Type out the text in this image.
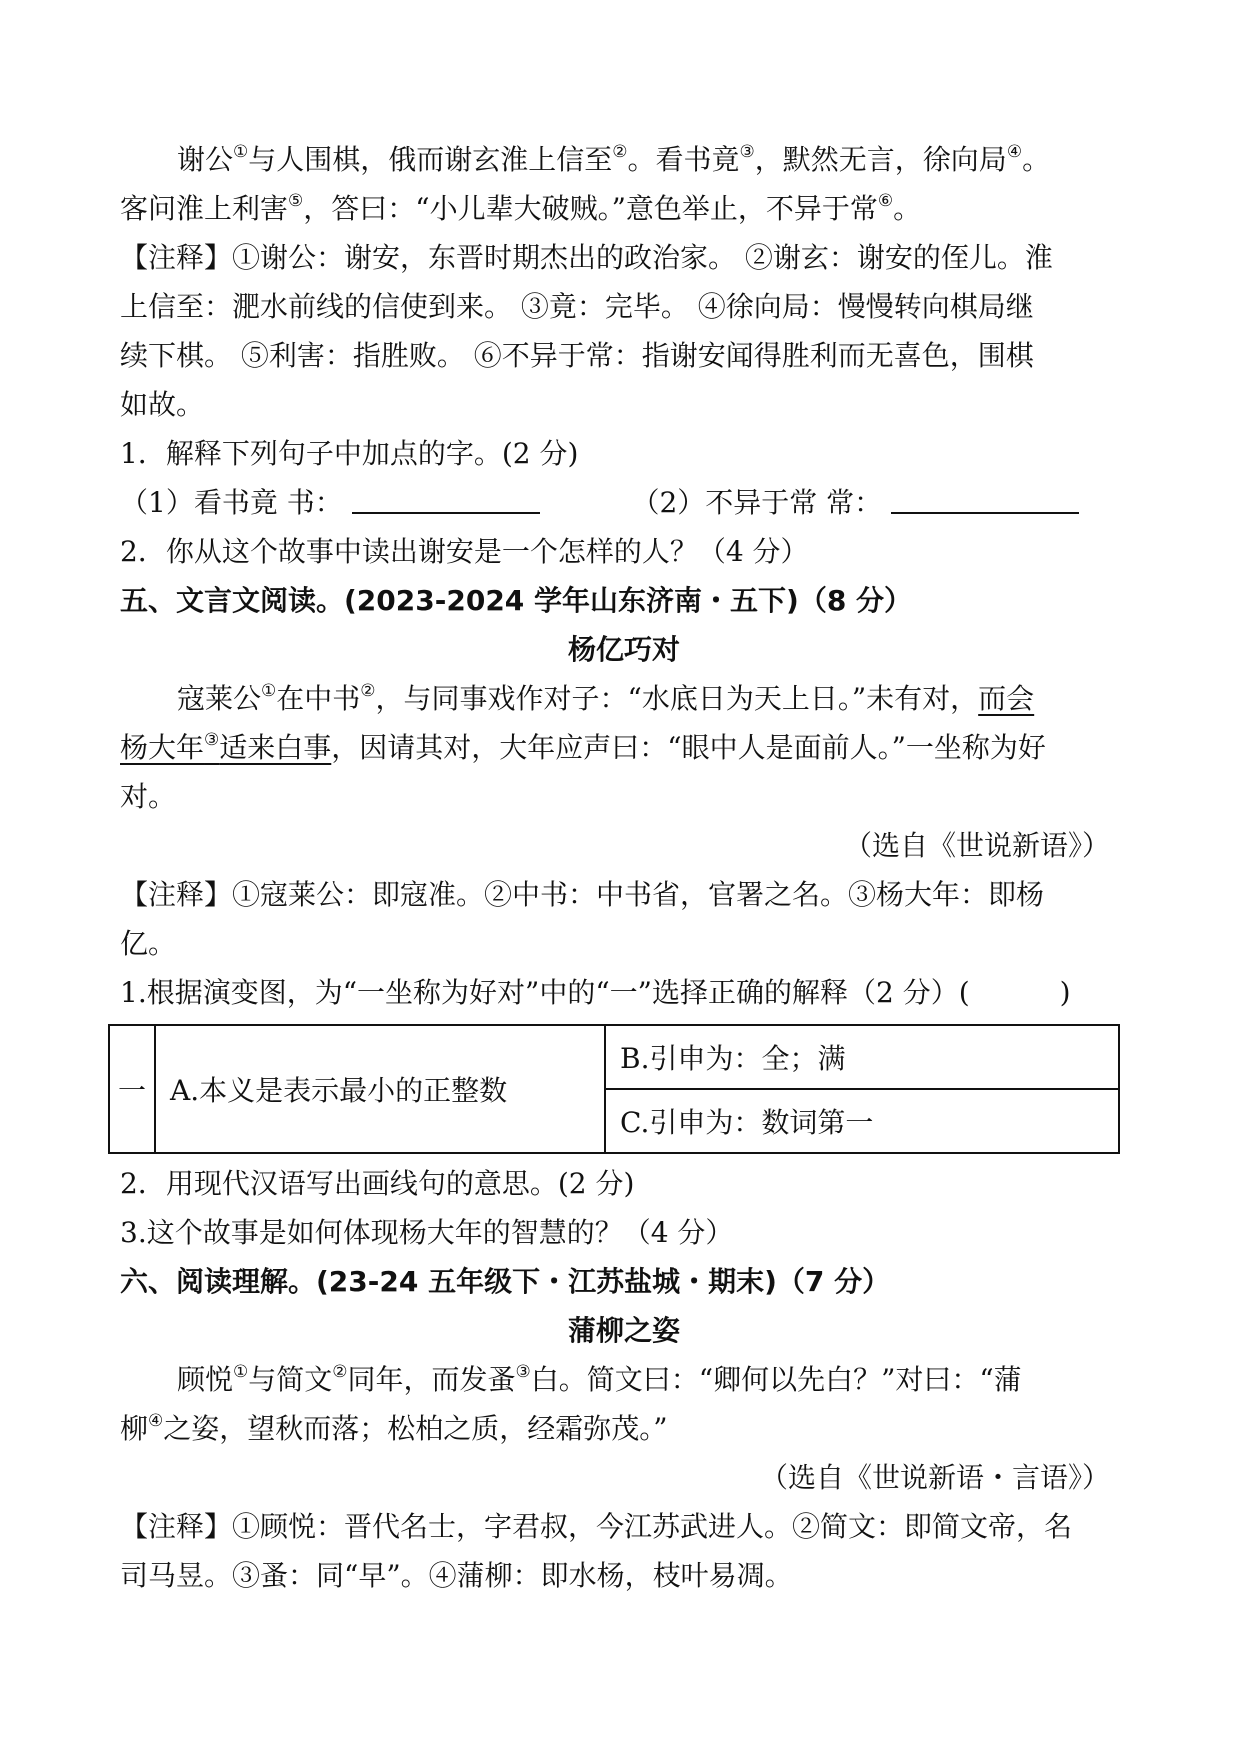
谢公①与人围棋，俄而谢玄淮上信至②。看书竟③，默然无言，徐向局④。
客问淮上利害⑤，答曰：“小儿辈大破贼。”意色举止，不异于常⑥。
【注释】①谢公：谢安，东晋时期杰出的政治家。 ②谢玄：谢安的侄儿。淮
上信至：淝水前线的信使到来。 ③竟：完毕。 ④徐向局：慢慢转向棋局继
续下棋。 ⑤利害：指胜败。 ⑥不异于常：指谢安闻得胜利而无喜色，围棋
如故。
1．解释下列句子中加点的字。(2 分)
（1）看书竟 书：	（2）不异于常 常：
2．你从这个故事中读出谢安是一个怎样的人？（4 分）
五、文言文阅读。(2023-2024 学年山东济南・五下)（8 分）
杨亿巧对
寇莱公①在中书②，与同事戏作对子：“水底日为天上日。”未有对，而会
杨大年③适来白事，因请其对，大年应声曰：“眼中人是面前人。”一坐称为好
对。
（选自《世说新语》）
【注释】①寇莱公：即寇准。②中书：中书省，官署之名。③杨大年：即杨
亿。
1.根据演变图，为“一坐称为好对”中的“一”选择正确的解释（2 分）(	)
一	A.本义是表示最小的正整数	B.引申为：全；满
C.引申为：数词第一
2．用现代汉语写出画线句的意思。(2 分)
3.这个故事是如何体现杨大年的智慧的？（4 分）
六、阅读理解。(23-24 五年级下・江苏盐城・期末)（7 分）
蒲柳之姿
顾悦①与简文②同年，而发蚤③白。简文曰：“卿何以先白？”对曰：“蒲
柳④之姿，望秋而落；松柏之质，经霜弥茂。”
（选自《世说新语・言语》）
【注释】①顾悦：晋代名士，字君叔，今江苏武进人。②简文：即简文帝，名
司马昱。③蚤：同“早”。④蒲柳：即水杨，枝叶易凋。
